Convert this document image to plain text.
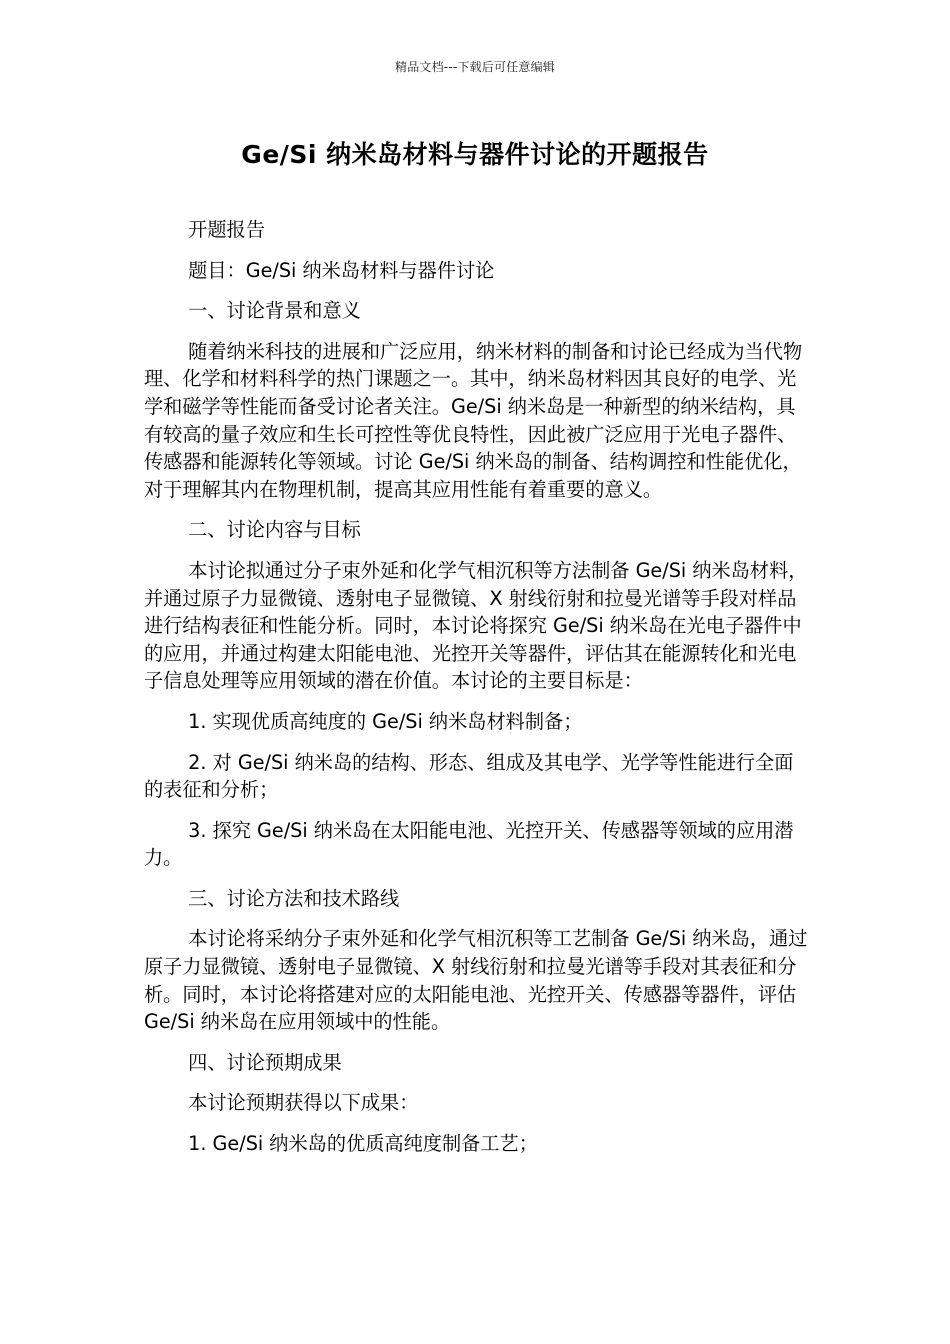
精品文档---下载后可任意编辑
Ge/Si 纳米岛材料与器件讨论的开题报告

开题报告

题目：Ge/Si 纳米岛材料与器件讨论

一、讨论背景和意义

随着纳米科技的进展和广泛应用，纳米材料的制备和讨论已经成为当代物理、化学和材料科学的热门课题之一。其中，纳米岛材料因其良好的电学、光学和磁学等性能而备受讨论者关注。Ge/Si 纳米岛是一种新型的纳米结构，具有较高的量子效应和生长可控性等优良特性，因此被广泛应用于光电子器件、传感器和能源转化等领域。讨论 Ge/Si 纳米岛的制备、结构调控和性能优化，对于理解其内在物理机制，提高其应用性能有着重要的意义。

二、讨论内容与目标

本讨论拟通过分子束外延和化学气相沉积等方法制备 Ge/Si 纳米岛材料，并通过原子力显微镜、透射电子显微镜、X 射线衍射和拉曼光谱等手段对样品进行结构表征和性能分析。同时，本讨论将探究 Ge/Si 纳米岛在光电子器件中的应用，并通过构建太阳能电池、光控开关等器件，评估其在能源转化和光电子信息处理等应用领域的潜在价值。本讨论的主要目标是：

1. 实现优质高纯度的 Ge/Si 纳米岛材料制备；

2. 对 Ge/Si 纳米岛的结构、形态、组成及其电学、光学等性能进行全面的表征和分析；

3. 探究 Ge/Si 纳米岛在太阳能电池、光控开关、传感器等领域的应用潜力。

三、讨论方法和技术路线

本讨论将采纳分子束外延和化学气相沉积等工艺制备 Ge/Si 纳米岛，通过原子力显微镜、透射电子显微镜、X 射线衍射和拉曼光谱等手段对其表征和分析。同时，本讨论将搭建对应的太阳能电池、光控开关、传感器等器件，评估 Ge/Si 纳米岛在应用领域中的性能。

四、讨论预期成果

本讨论预期获得以下成果：

1. Ge/Si 纳米岛的优质高纯度制备工艺；
